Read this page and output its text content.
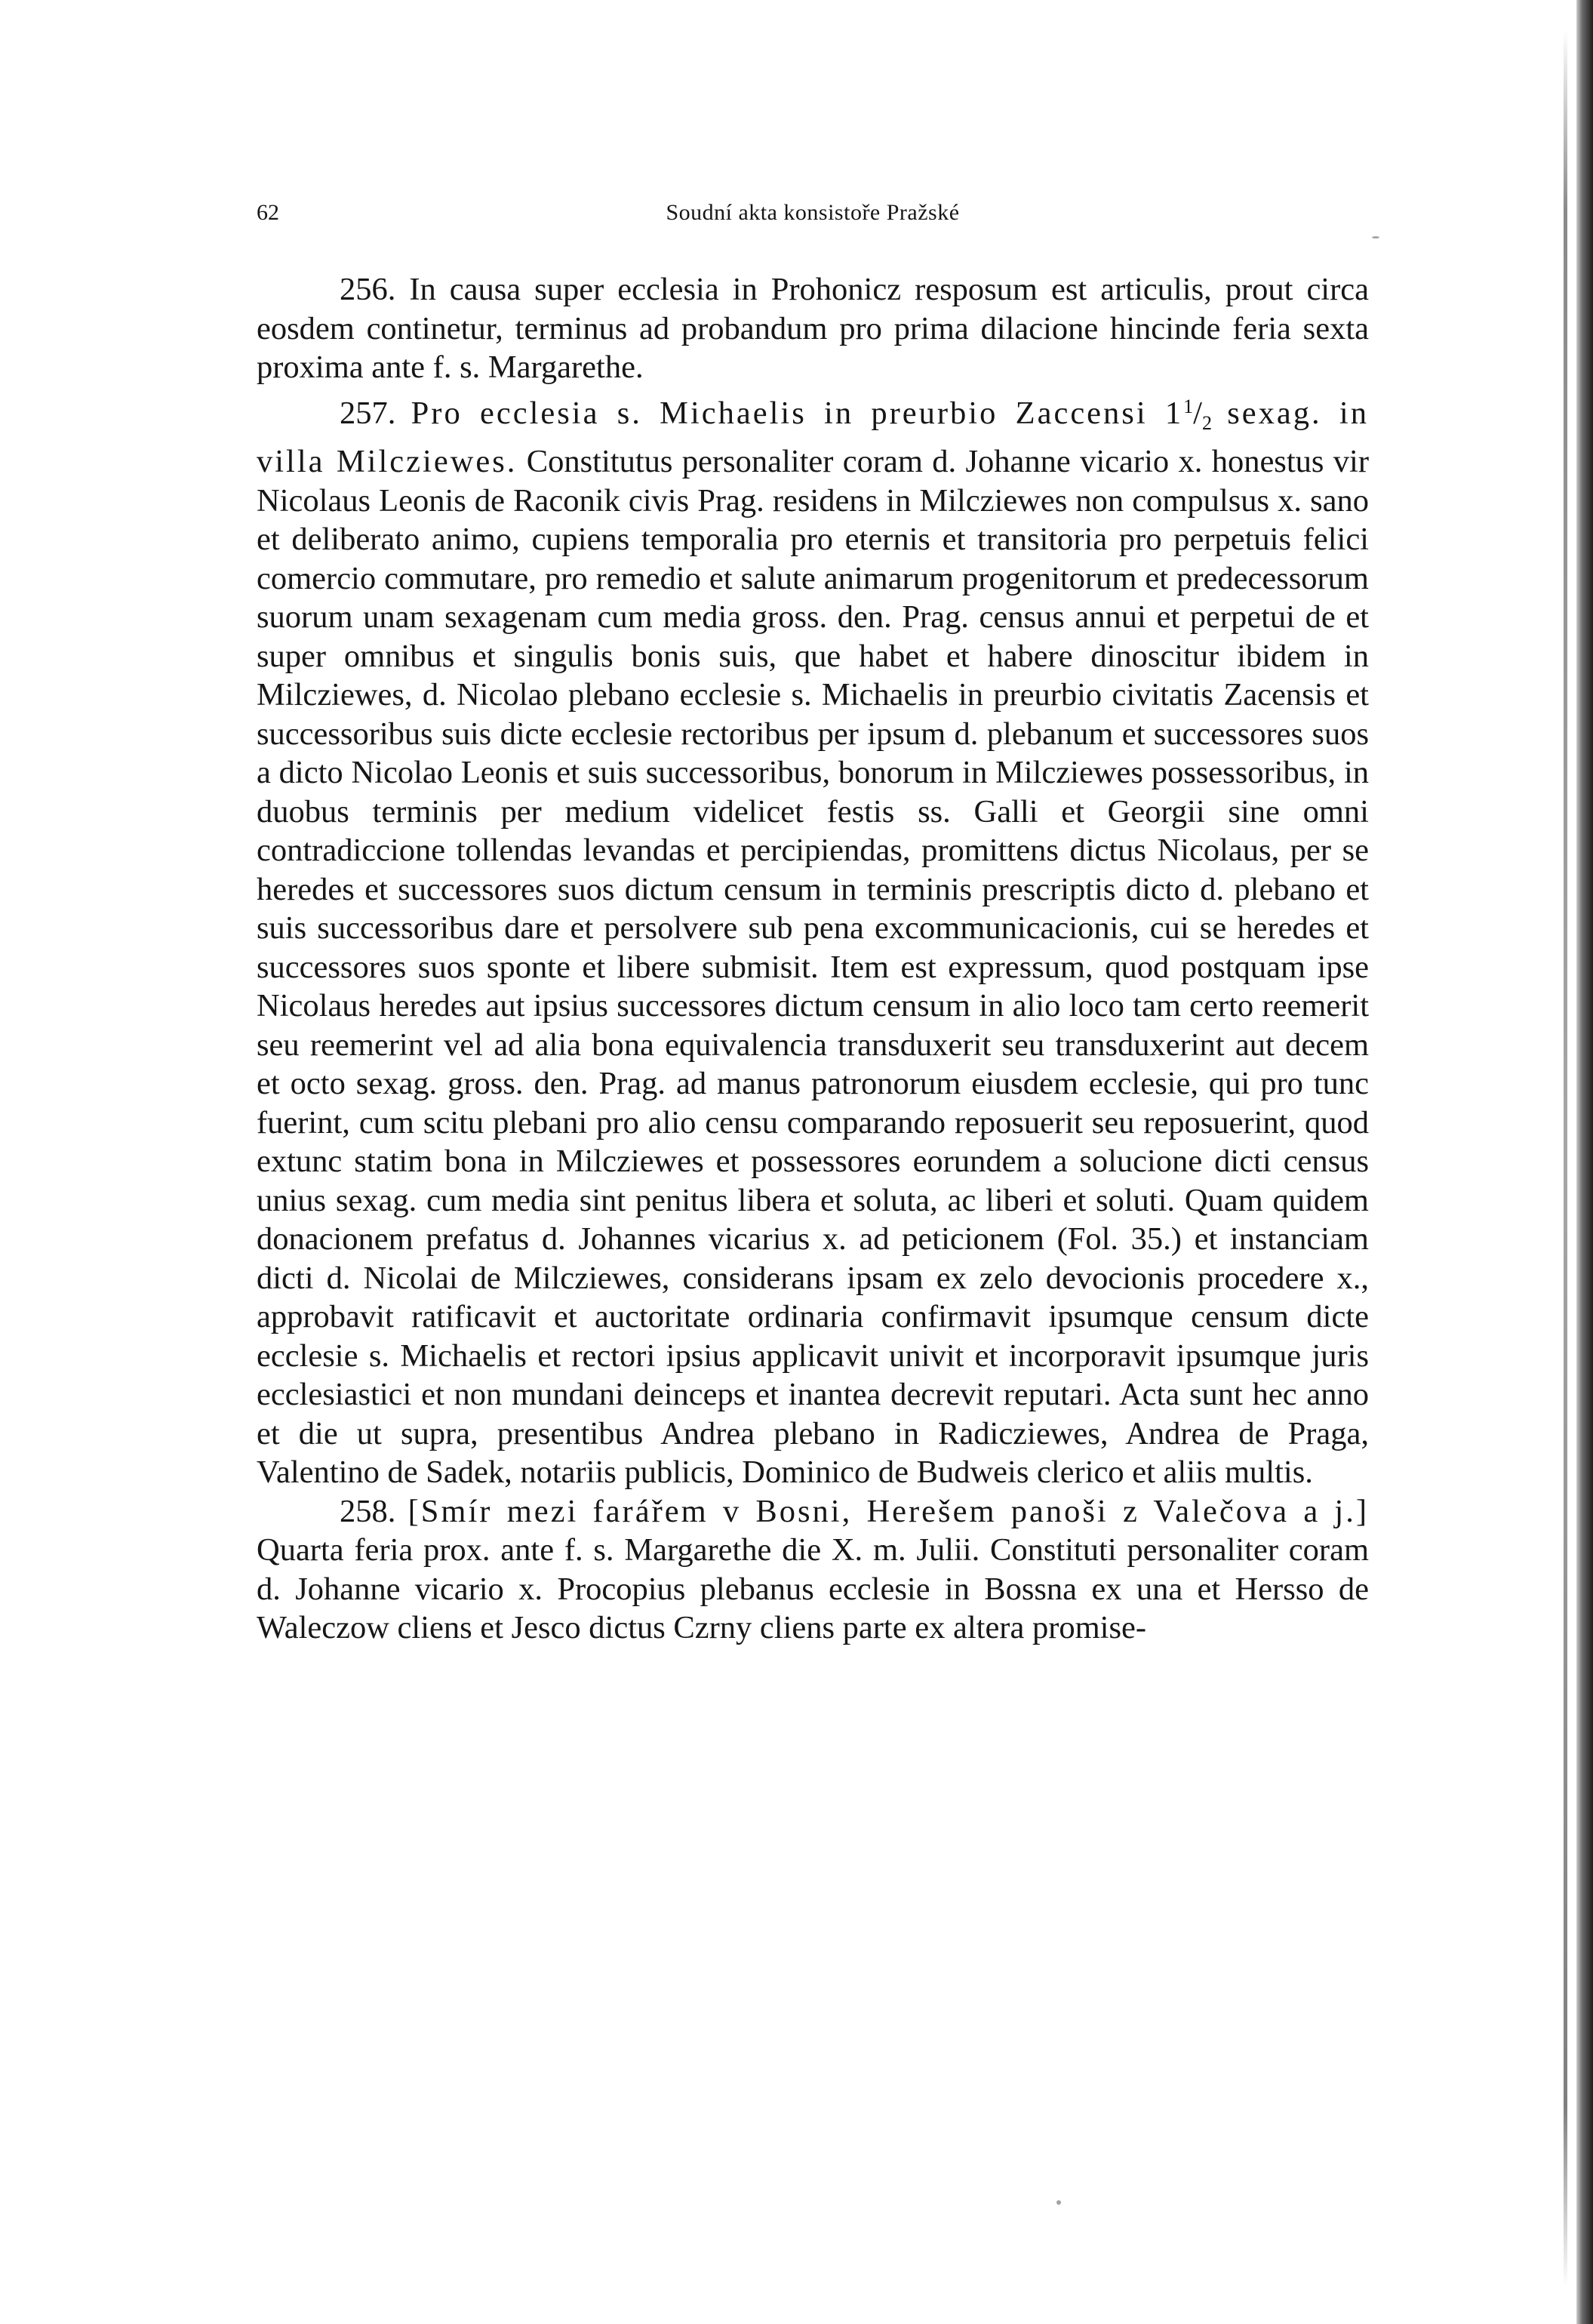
62	Soudní akta konsistoře Pražské

256. In causa super ecclesia in Prohonicz resposum est articulis, prout circa eosdem continetur, terminus ad probandum pro prima dilacione hincinde feria sexta proxima ante f. s. Margarethe.

257. Pro ecclesia s. Michaelis in preurbio Zaccensi $1^1/2$ sexag. in villa Milcziewes. Constitutus personaliter coram d. Johanne vicario x. honestus vir Nicolaus Leonis de Raconik civis Prag. residens in Milcziewes non compulsus x. sano et deliberato animo, cupiens temporalia pro eternis et transitoria pro perpetuis felici comercio commutare, pro remedio et salute animarum progenitorum et predecessorum suorum unam sexagenam cum media gross. den. Prag. census annui et perpetui de et super omnibus et singulis bonis suis, que habet et habere dinoscitur ibidem in Milcziewes, d. Nicolao plebano ecclesie s. Michaelis in preurbio civitatis Zacensis et successoribus suis dicte ecclesie rectoribus per ipsum d. plebanum et successores suos a dicto Nicolao Leonis et suis successoribus, bonorum in Milcziewes possessoribus, in duobus terminis per medium videlicet festis ss. Galli et Georgii sine omni contradiccione tollendas levandas et percipiendas, promittens dictus Nicolaus, per se heredes et successores suos dictum censum in terminis prescriptis dicto d. plebano et suis successoribus dare et persolvere sub pena excommunicacionis, cui se heredes et successores suos sponte et libere submisit. Item est expressum, quod postquam ipse Nicolaus heredes aut ipsius successores dictum censum in alio loco tam certo reemerit seu reemerint vel ad alia bona equivalencia transduxerit seu transduxerint aut decem et octo sexag. gross. den. Prag. ad manus patronorum eiusdem ecclesie, qui pro tunc fuerint, cum scitu plebani pro alio censu comparando reposuerit seu reposuerint, quod extunc statim bona in Milcziewes et possessores eorundem a solucione dicti census unius sexag. cum media sint penitus libera et soluta, ac liberi et soluti. Quam quidem donacionem prefatus d. Johannes vicarius x. ad peticionem (Fol. 35.) et instanciam dicti d. Nicolai de Milcziewes, considerans ipsam ex zelo devocionis procedere x., approbavit ratificavit et auctoritate ordinaria confirmavit ipsumque censum dicte ecclesie s. Michaelis et rectori ipsius applicavit univit et incorporavit ipsumque juris ecclesiastici et non mundani deinceps et inantea decrevit reputari. Acta sunt hec anno et die ut supra, presentibus Andrea plebano in Radicziewes, Andrea de Praga, Valentino de Sadek, notariis publicis, Dominico de Budweis clerico et aliis multis.

258. [Smír mezi farářem v Bosni, Herešem panoši z Valečova a j.] Quarta feria prox. ante f. s. Margarethe die X. m. Julii. Constituti personaliter coram d. Johanne vicario x. Procopius plebanus ecclesie in Bossna ex una et Hersso de Waleczow cliens et Jesco dictus Czrny cliens parte ex altera promise-
